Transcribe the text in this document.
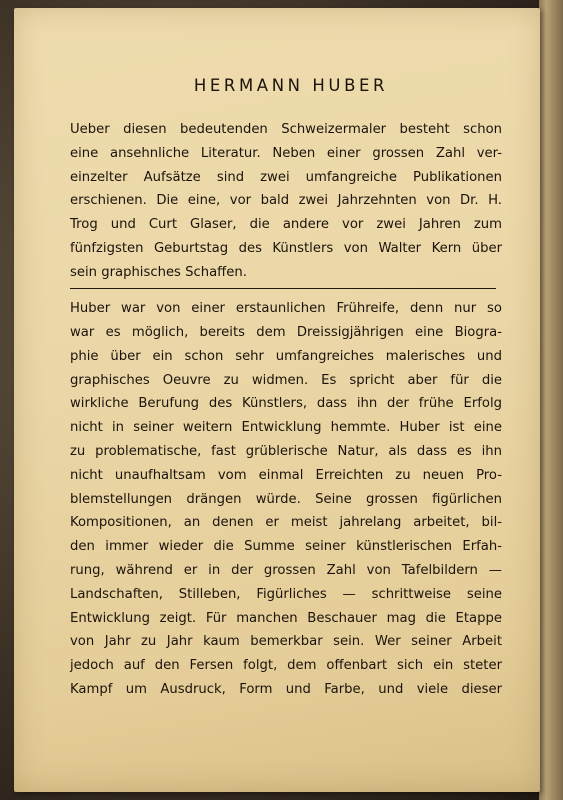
HERMANN HUBER

Ueber diesen bedeutenden Schweizermaler besteht schon
eine ansehnliche Literatur. Neben einer grossen Zahl ver-
einzelter Aufsätze sind zwei umfangreiche Publikationen
erschienen. Die eine, vor bald zwei Jahrzehnten von Dr. H.
Trog und Curt Glaser, die andere vor zwei Jahren zum
fünfzigsten Geburtstag des Künstlers von Walter Kern über
sein graphisches Schaffen.

Huber war von einer erstaunlichen Frühreife, denn nur so
war es möglich, bereits dem Dreissigjährigen eine Biogra-
phie über ein schon sehr umfangreiches malerisches und
graphisches Oeuvre zu widmen. Es spricht aber für die
wirkliche Berufung des Künstlers, dass ihn der frühe Erfolg
nicht in seiner weitern Entwicklung hemmte. Huber ist eine
zu problematische, fast grüblerische Natur, als dass es ihn
nicht unaufhaltsam vom einmal Erreichten zu neuen Pro-
blemstellungen drängen würde. Seine grossen figürlichen
Kompositionen, an denen er meist jahrelang arbeitet, bil-
den immer wieder die Summe seiner künstlerischen Erfah-
rung, während er in der grossen Zahl von Tafelbildern —
Landschaften, Stilleben, Figürliches — schrittweise seine
Entwicklung zeigt. Für manchen Beschauer mag die Etappe
von Jahr zu Jahr kaum bemerkbar sein. Wer seiner Arbeit
jedoch auf den Fersen folgt, dem offenbart sich ein steter
Kampf um Ausdruck, Form und Farbe, und viele dieser
